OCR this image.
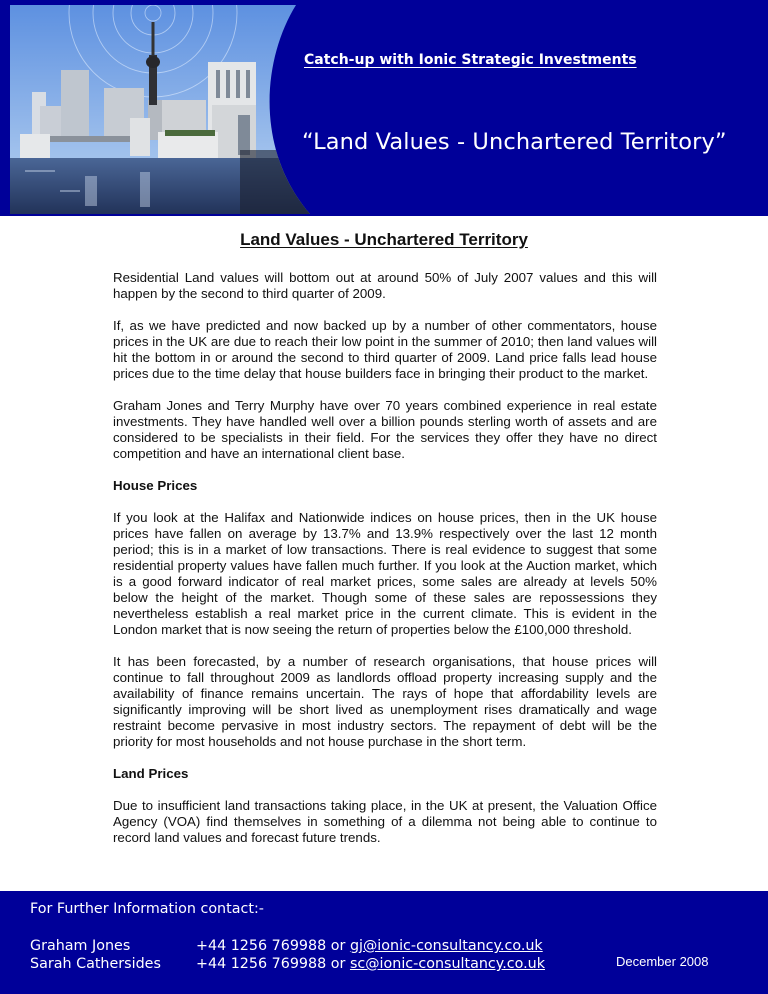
Catch-up with Ionic Strategic Investments
“Land Values - Unchartered Territory”
Land Values - Unchartered Territory

Residential Land values will bottom out at around 50% of July 2007 values and this will happen by the second to third quarter of 2009.

If, as we have predicted and now backed up by a number of other commentators, house prices in the UK are due to reach their low point in the summer of 2010; then land values will hit the bottom in or around the second to third quarter of 2009. Land price falls lead house prices due to the time delay that house builders face in bringing their product to the market.

Graham Jones and Terry Murphy have over 70 years combined experience in real estate investments. They have handled well over a billion pounds sterling worth of assets and are considered to be specialists in their field. For the services they offer they have no direct competition and have an international client base.

House Prices

If you look at the Halifax and Nationwide indices on house prices, then in the UK house prices have fallen on average by 13.7% and 13.9% respectively over the last 12 month period; this is in a market of low transactions. There is real evidence to suggest that some residential property values have fallen much further. If you look at the Auction market, which is a good forward indicator of real market prices, some sales are already at levels 50% below the height of the market. Though some of these sales are repossessions they nevertheless establish a real market price in the current climate. This is evident in the London market that is now seeing the return of properties below the £100,000 threshold.

It has been forecasted, by a number of research organisations, that house prices will continue to fall throughout 2009 as landlords offload property increasing supply and the availability of finance remains uncertain. The rays of hope that affordability levels are significantly improving will be short lived as unemployment rises dramatically and wage restraint become pervasive in most industry sectors. The repayment of debt will be the priority for most households and not house purchase in the short term.

Land Prices

Due to insufficient land transactions taking place, in the UK at present, the Valuation Office Agency (VOA) find themselves in something of a dilemma not being able to continue to record land values and forecast future trends.

For Further Information contact:-
Graham Jones	+44 1256 769988 or gj@ionic-consultancy.co.uk
Sarah Cathersides +44 1256 769988 or sc@ionic-consultancy.co.uk	December 2008
